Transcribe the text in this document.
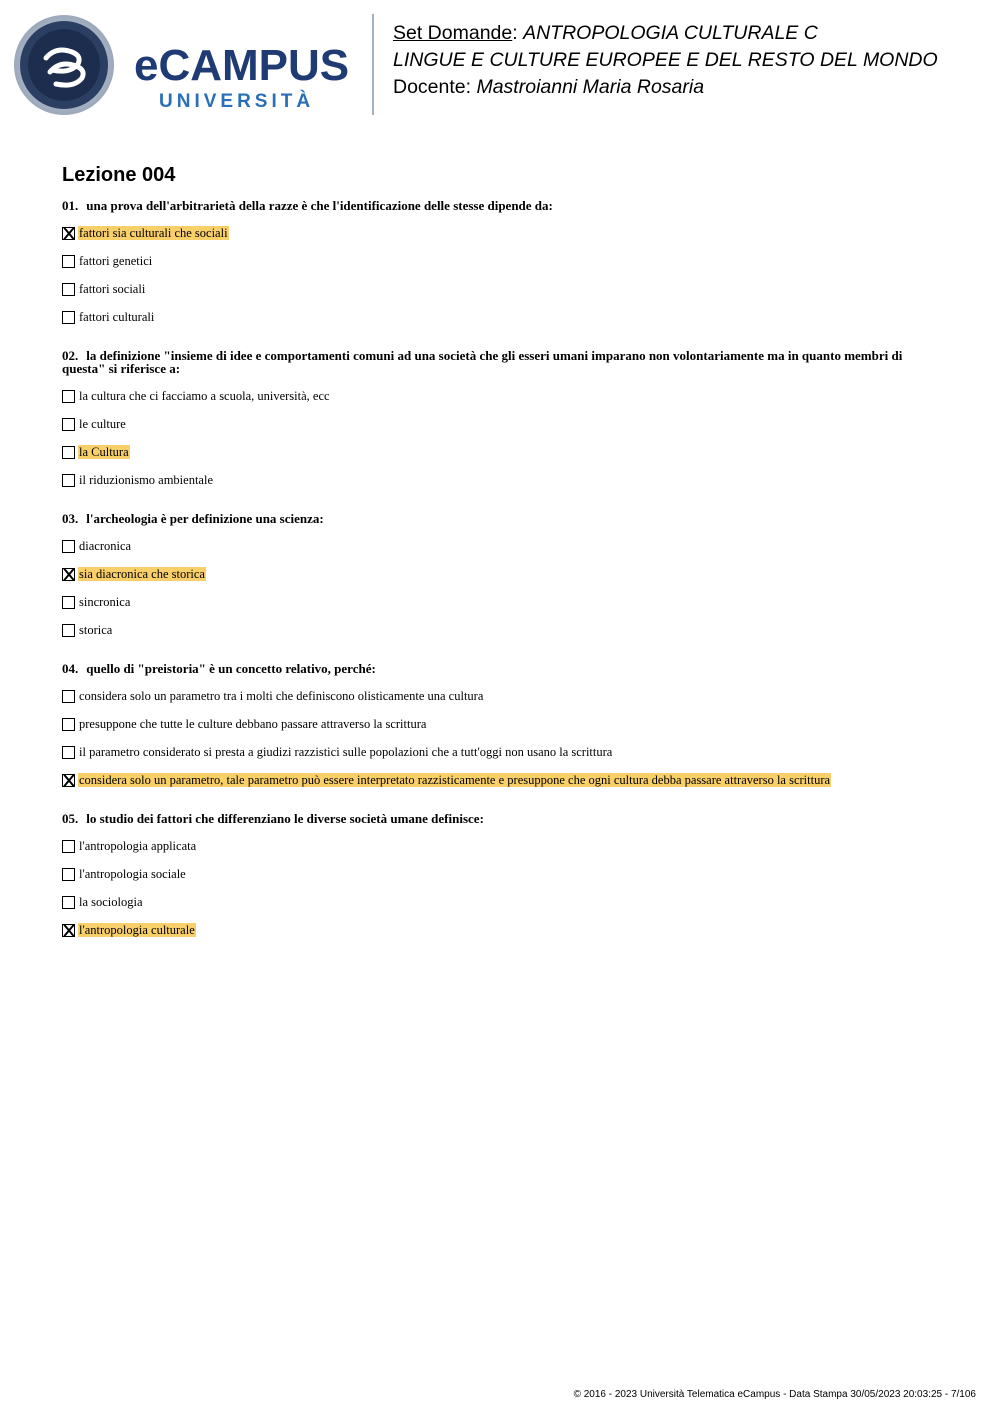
eCAMPUS
UNIVERSITÀ
Set Domande: ANTROPOLOGIA CULTURALE C
LINGUE E CULTURE EUROPEE E DEL RESTO DEL MONDO
Docente: Mastroianni Maria Rosaria
Lezione 004
01. una prova dell'arbitrarietà della razze è che l'identificazione delle stesse dipende da:
fattori sia culturali che sociali
fattori genetici
fattori sociali
fattori culturali
02. la definizione "insieme di idee e comportamenti comuni ad una società che gli esseri umani imparano non volontariamente ma in quanto membri di questa" si riferisce a:
la cultura che ci facciamo a scuola, università, ecc
le culture
la Cultura
il riduzionismo ambientale
03. l'archeologia è per definizione una scienza:
diacronica
sia diacronica che storica
sincronica
storica
04. quello di "preistoria" è un concetto relativo, perché:
considera solo un parametro tra i molti che definiscono olisticamente una cultura
presuppone che tutte le culture debbano passare attraverso la scrittura
il parametro considerato si presta a giudizi razzistici sulle popolazioni che a tutt'oggi non usano la scrittura
considera solo un parametro, tale parametro può essere interpretato razzisticamente e presuppone che ogni cultura debba passare attraverso la scrittura
05. lo studio dei fattori che differenziano le diverse società umane definisce:
l'antropologia applicata
l'antropologia sociale
la sociologia
l'antropologia culturale
© 2016 - 2023 Università Telematica eCampus - Data Stampa 30/05/2023 20:03:25 - 7/106
